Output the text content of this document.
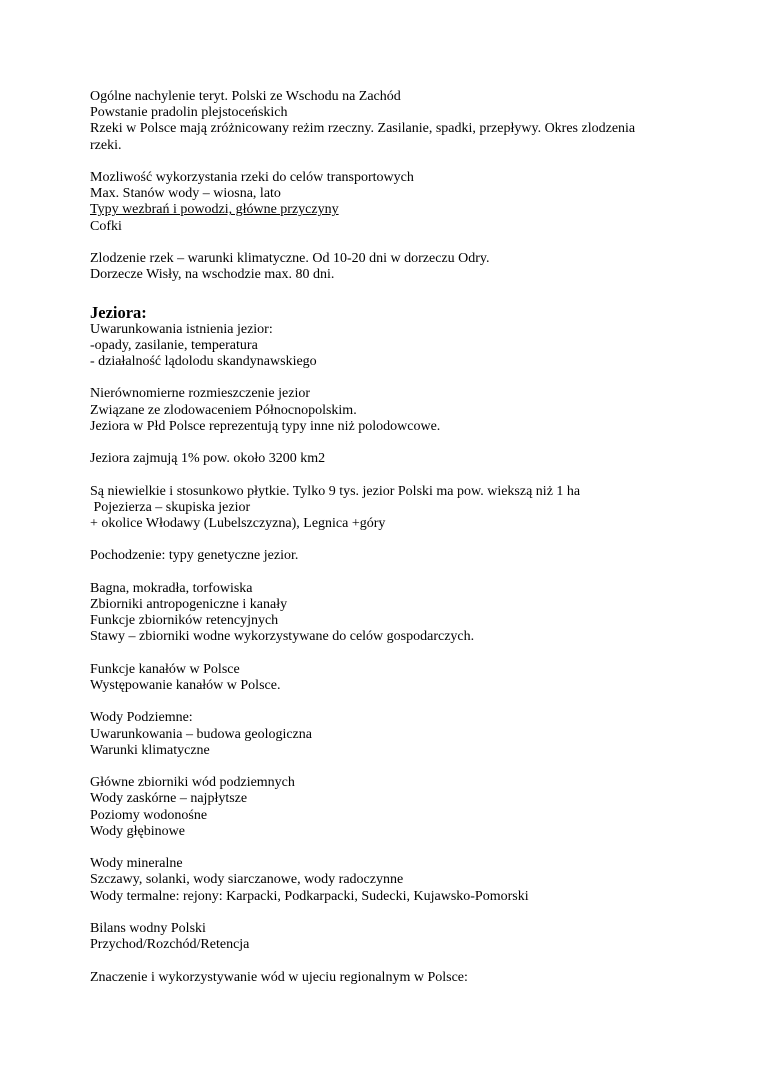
Ogólne nachylenie teryt. Polski ze Wschodu na Zachód

Powstanie pradolin plejstoceńskich

Rzeki w Polsce mają zróżnicowany reżim rzeczny. Zasilanie, spadki, przepływy. Okres zlodzenia

rzeki.

Mozliwość wykorzystania rzeki do celów transportowych

Max. Stanów wody – wiosna, lato

Typy wezbrań i powodzi, główne przyczyny

Cofki

Zlodzenie rzek – warunki klimatyczne. Od 10-20 dni w dorzeczu Odry.

Dorzecze Wisły, na wschodzie max. 80 dni.

Jeziora:

Uwarunkowania istnienia jezior:

-opady, zasilanie, temperatura

- działalność lądolodu skandynawskiego

Nierównomierne rozmieszczenie jezior

Związane ze zlodowaceniem Północnopolskim.

Jeziora w Płd Polsce reprezentują typy inne niż polodowcowe.

Jeziora zajmują 1% pow. około 3200 km2

Są niewielkie i stosunkowo płytkie. Tylko 9 tys. jezior Polski ma pow. wiekszą niż 1 ha

Pojezierza – skupiska jezior

+ okolice Włodawy (Lubelszczyzna), Legnica +góry

Pochodzenie: typy genetyczne jezior.

Bagna, mokradła, torfowiska

Zbiorniki antropogeniczne i kanały

Funkcje zbiorników retencyjnych

Stawy – zbiorniki wodne wykorzystywane do celów gospodarczych.

Funkcje kanałów w Polsce

Występowanie kanałów w Polsce.

Wody Podziemne:

Uwarunkowania – budowa geologiczna

Warunki klimatyczne

Główne zbiorniki wód podziemnych

Wody zaskórne – najpłytsze

Poziomy wodonośne

Wody głębinowe

Wody mineralne

Szczawy, solanki, wody siarczanowe, wody radoczynne

Wody termalne: rejony: Karpacki, Podkarpacki, Sudecki, Kujawsko-Pomorski

Bilans wodny Polski

Przychod/Rozchód/Retencja

Znaczenie i wykorzystywanie wód w ujeciu regionalnym w Polsce:
